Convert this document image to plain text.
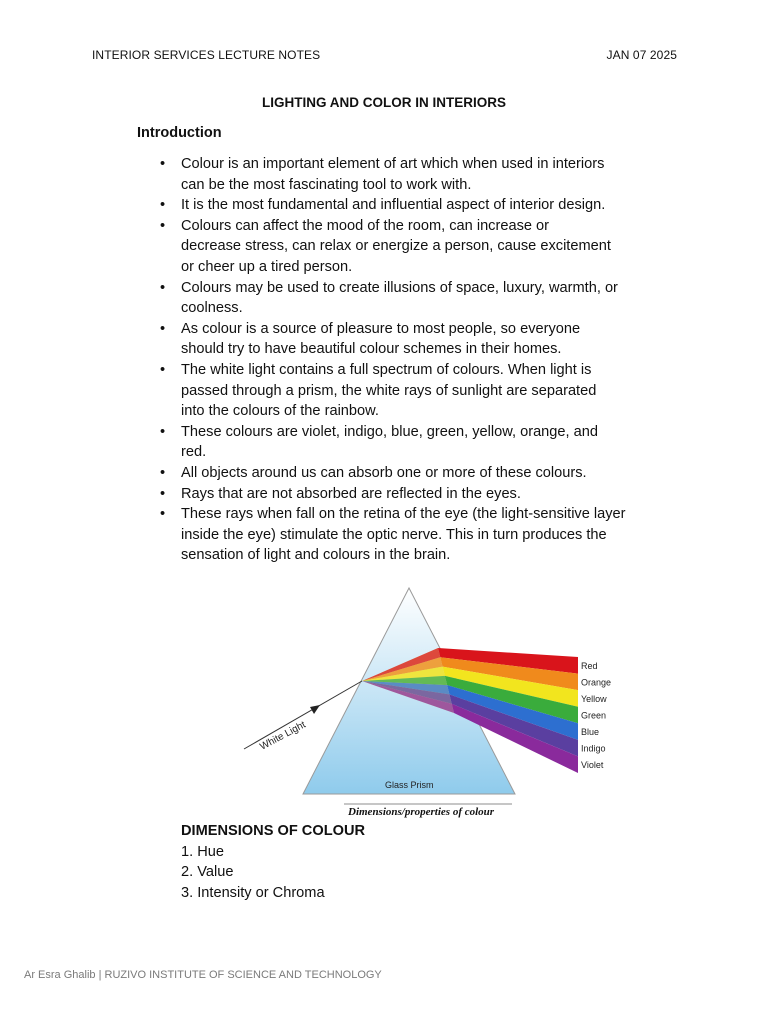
INTERIOR SERVICES LECTURE NOTES	JAN 07 2025
LIGHTING AND COLOR IN INTERIORS
Introduction
• Colour is an important element of art which when used in interiors
can be the most fascinating tool to work with.
• It is the most fundamental and influential aspect of interior design.
• Colours can affect the mood of the room, can increase or
decrease stress, can relax or energize a person, cause excitement
or cheer up a tired person.
• Colours may be used to create illusions of space, luxury, warmth, or
coolness.
• As colour is a source of pleasure to most people, so everyone
should try to have beautiful colour schemes in their homes.
• The white light contains a full spectrum of colours. When light is
passed through a prism, the white rays of sunlight are separated
into the colours of the rainbow.
• These colours are violet, indigo, blue, green, yellow, orange, and
red.
• All objects around us can absorb one or more of these colours.
• Rays that are not absorbed are reflected in the eyes.
• These rays when fall on the retina of the eye (the light-sensitive layer
inside the eye) stimulate the optic nerve. This in turn produces the
sensation of light and colours in the brain.
White Light
Glass Prism
Red
Orange
Yellow
Green
Blue
Indigo
Violet
Dimensions/properties of colour
DIMENSIONS OF COLOUR
1. Hue
2. Value
3. Intensity or Chroma
Ar Esra Ghalib | RUZIVO INSTITUTE OF SCIENCE AND TECHNOLOGY
